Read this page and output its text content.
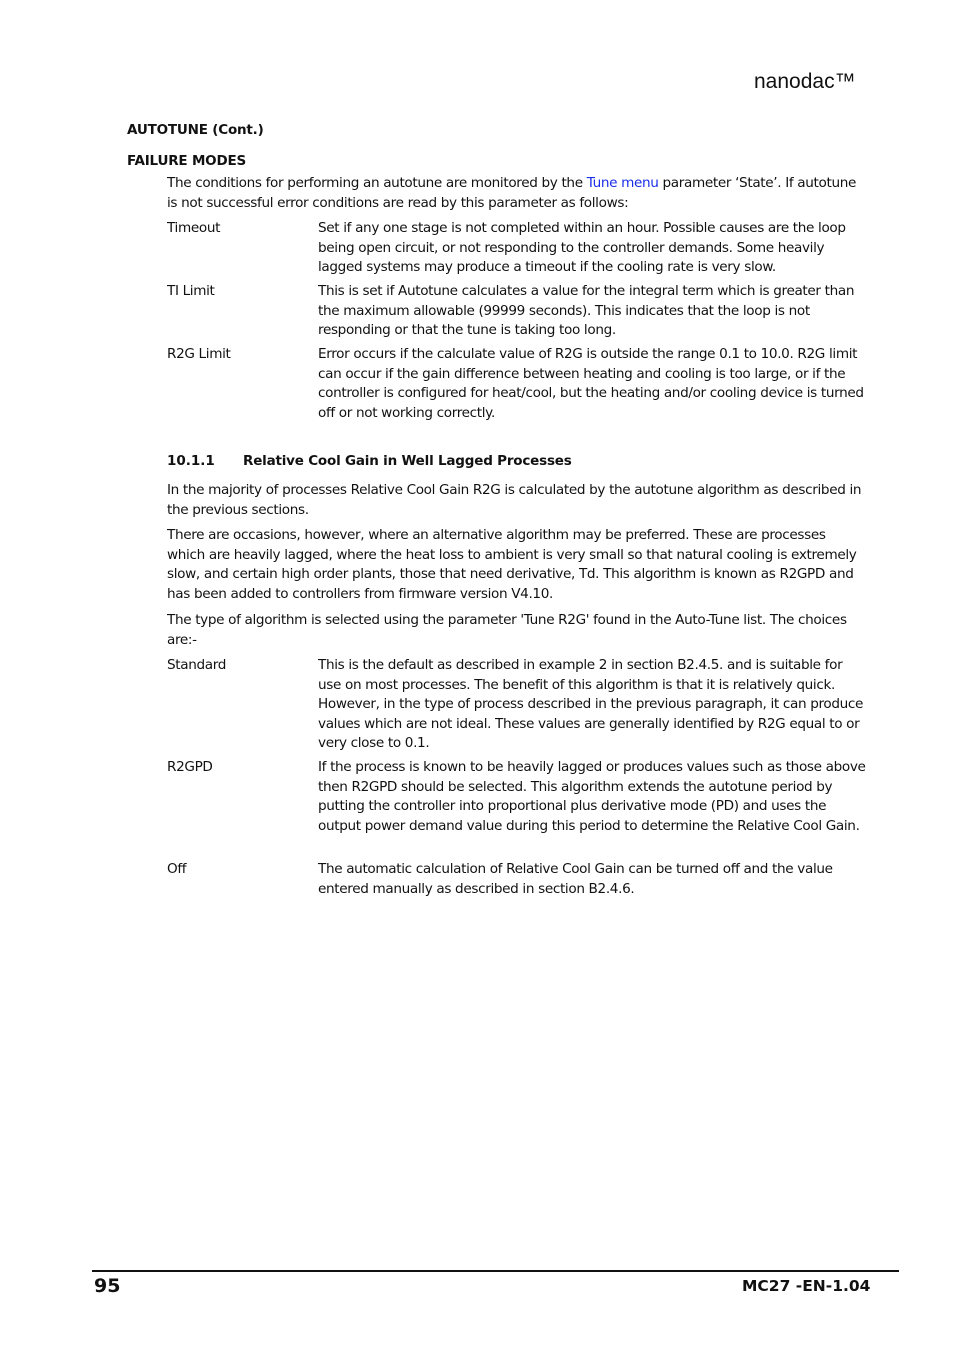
nanodac™
AUTOTUNE (Cont.)
FAILURE MODES
The conditions for performing an autotune are monitored by the Tune menu parameter ‘State’. If autotune is not successful error conditions are read by this parameter as follows:
Timeout	Set if any one stage is not completed within an hour. Possible causes are the loop being open circuit, or not responding to the controller demands. Some heavily lagged systems may produce a timeout if the cooling rate is very slow.
TI Limit	This is set if Autotune calculates a value for the integral term which is greater than the maximum allowable (99999 seconds). This indicates that the loop is not responding or that the tune is taking too long.
R2G Limit	Error occurs if the calculate value of R2G is outside the range 0.1 to 10.0. R2G limit can occur if the gain difference between heating and cooling is too large, or if the controller is configured for heat/cool, but the heating and/or cooling device is turned off or not working correctly.
10.1.1 Relative Cool Gain in Well Lagged Processes
In the majority of processes Relative Cool Gain R2G is calculated by the autotune algorithm as described in the previous sections.
There are occasions, however, where an alternative algorithm may be preferred. These are processes which are heavily lagged, where the heat loss to ambient is very small so that natural cooling is extremely slow, and certain high order plants, those that need derivative, Td. This algorithm is known as R2GPD and has been added to controllers from firmware version V4.10.
The type of algorithm is selected using the parameter 'Tune R2G' found in the Auto-Tune list. The choices are:-
Standard	This is the default as described in example 2 in section B2.4.5. and is suitable for use on most processes. The benefit of this algorithm is that it is relatively quick. However, in the type of process described in the previous paragraph, it can produce values which are not ideal. These values are generally identified by R2G equal to or very close to 0.1.
R2GPD	If the process is known to be heavily lagged or produces values such as those above then R2GPD should be selected. This algorithm extends the autotune period by putting the controller into proportional plus derivative mode (PD) and uses the output power demand value during this period to determine the Relative Cool Gain.
Off	The automatic calculation of Relative Cool Gain can be turned off and the value entered manually as described in section B2.4.6.
95	MC27 -EN-1.04
